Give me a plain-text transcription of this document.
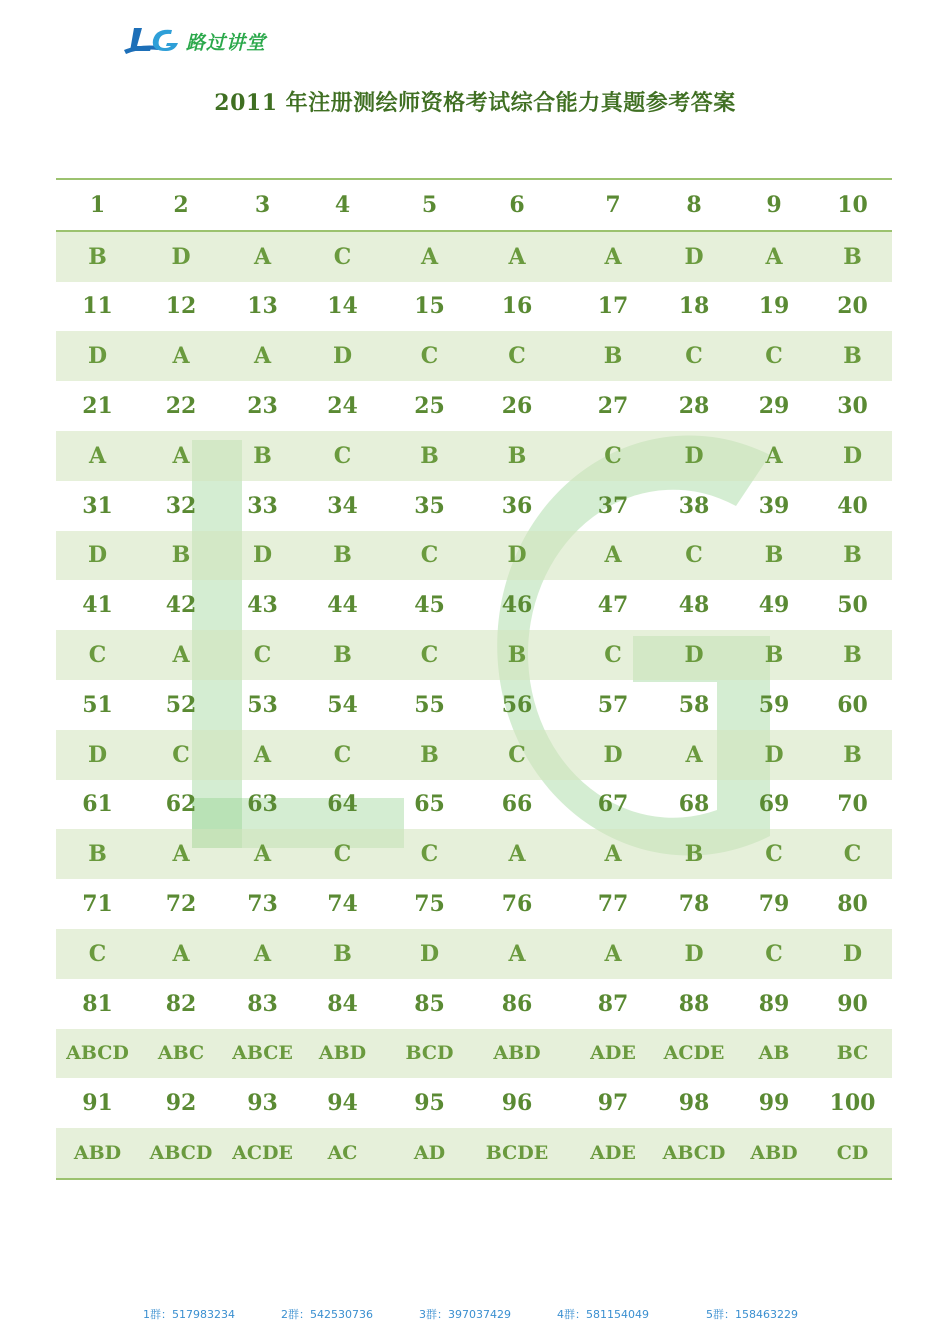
路过讲堂
2011 年注册测绘师资格考试综合能力真题参考答案
1	2	3	4	5	6	7	8	9	10
B	D	A	C	A	A	A	D	A	B
11	12	13	14	15	16	17	18	19	20
D	A	A	D	C	C	B	C	C	B
21	22	23	24	25	26	27	28	29	30
A	A	B	C	B	B	C	D	A	D
31	32	33	34	35	36	37	38	39	40
D	B	D	B	C	D	A	C	B	B
41	42	43	44	45	46	47	48	49	50
C	A	C	B	C	B	C	D	B	B
51	52	53	54	55	56	57	58	59	60
D	C	A	C	B	C	D	A	D	B
61	62	63	64	65	66	67	68	69	70
B	A	A	C	C	A	A	B	C	C
71	72	73	74	75	76	77	78	79	80
C	A	A	B	D	A	A	D	C	D
81	82	83	84	85	86	87	88	89	90
ABCD	ABC	ABCE	ABD	BCD	ABD	ADE	ACDE	AB	BC
91	92	93	94	95	96	97	98	99	100
ABD	ABCD	ACDE	AC	AD	BCDE	ADE	ABCD	ABD	CD
1群：517983234	2群：542530736	3群：397037429	4群：581154049	5群：158463229
